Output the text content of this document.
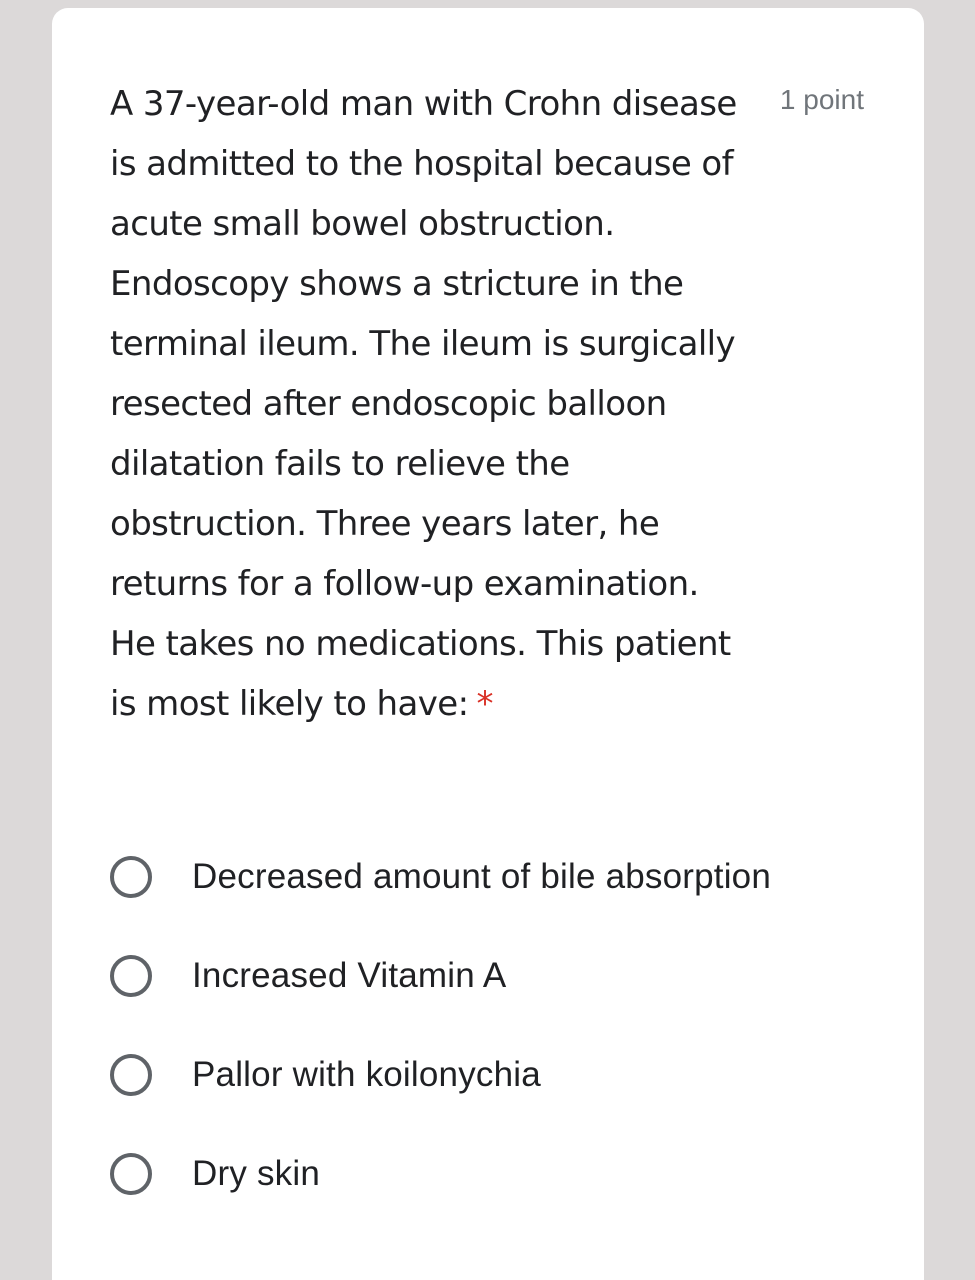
A 37-year-old man with Crohn disease is admitted to the hospital because of acute small bowel obstruction. Endoscopy shows a stricture in the terminal ileum. The ileum is surgically resected after endoscopic balloon dilatation fails to relieve the obstruction. Three years later, he returns for a follow-up examination. He takes no medications. This patient is most likely to have: *

1 point
Decreased amount of bile absorption
Increased Vitamin A
Pallor with koilonychia
Dry skin
